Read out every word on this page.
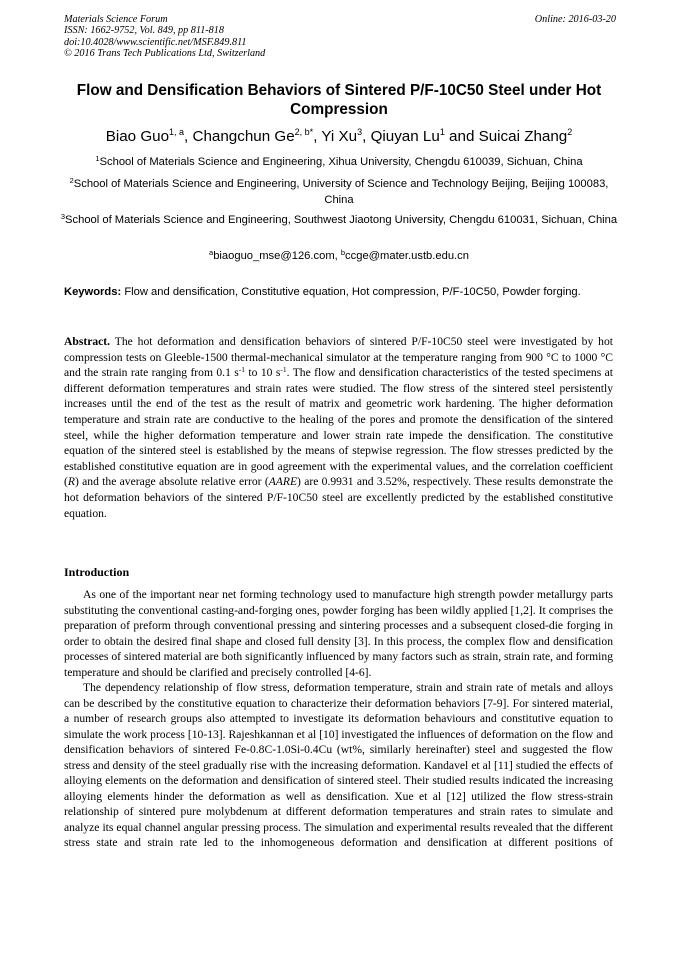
Materials Science Forum
ISSN: 1662-9752, Vol. 849, pp 811-818
doi:10.4028/www.scientific.net/MSF.849.811
© 2016 Trans Tech Publications Ltd, Switzerland
Online: 2016-03-20
Flow and Densification Behaviors of Sintered P/F-10C50 Steel under Hot Compression
Biao Guo$^{1, a}$, Changchun $Ge^{2, b*}$, Yi Xu$^3$, Qiuyan Lu$^1$ and Suicai Zhang$^2$
$^1$School of Materials Science and Engineering, Xihua University, Chengdu 610039, Sichuan, China
$^2$School of Materials Science and Engineering, University of Science and Technology Beijing, Beijing 100083, China
$^3$School of Materials Science and Engineering, Southwest Jiaotong University, Chengdu 610031, Sichuan, China
$^a$biaoguo_mse@126.com, $^b$ccge@mater.ustb.edu.cn
Keywords: Flow and densification, Constitutive equation, Hot compression, P/F-10C50, Powder forging.
Abstract. The hot deformation and densification behaviors of sintered P/F-10C50 steel were investigated by hot compression tests on Gleeble-1500 thermal-mechanical simulator at the temperature ranging from 900 °C to 1000 °C and the strain rate ranging from 0.1 $s^{-1}$ to 10 $s^{-1}$. The flow and densification characteristics of the tested specimens at different deformation temperatures and strain rates were studied. The flow stress of the sintered steel persistently increases until the end of the test as the result of matrix and geometric work hardening. The higher deformation temperature and strain rate are conductive to the healing of the pores and promote the densification of the sintered steel, while the higher deformation temperature and lower strain rate impede the densification. The constitutive equation of the sintered steel is established by the means of stepwise regression. The flow stresses predicted by the established constitutive equation are in good agreement with the experimental values, and the correlation coefficient (R) and the average absolute relative error (AARE) are 0.9931 and 3.52%, respectively. These results demonstrate the hot deformation behaviors of the sintered P/F-10C50 steel are excellently predicted by the established constitutive equation.
Introduction

As one of the important near net forming technology used to manufacture high strength powder metallurgy parts substituting the conventional casting-and-forging ones, powder forging has been wildly applied [1,2]. It comprises the preparation of preform through conventional pressing and sintering processes and a subsequent closed-die forging in order to obtain the desired final shape and closed full density [3]. In this process, the complex flow and densification processes of sintered material are both significantly influenced by many factors such as strain, strain rate, and forming temperature and should be clarified and precisely controlled [4-6].

The dependency relationship of flow stress, deformation temperature, strain and strain rate of metals and alloys can be described by the constitutive equation to characterize their deformation behaviors [7-9]. For sintered material, a number of research groups also attempted to investigate its deformation behaviours and constitutive equation to simulate the work process [10-13]. Rajeshkannan et al [10] investigated the influences of deformation on the flow and densification behaviors of sintered Fe-0.8C-1.0Si-0.4Cu (wt%, similarly hereinafter) steel and suggested the flow stress and density of the steel gradually rise with the increasing deformation. Kandavel et al [11] studied the effects of alloying elements on the deformation and densification of sintered steel. Their studied results indicated the increasing alloying elements hinder the deformation as well as densification. Xue et al [12] utilized the flow stress-strain relationship of sintered pure molybdenum at different deformation temperatures and strain rates to simulate and analyze its equal channel angular pressing process. The simulation and experimental results revealed that the different stress state and strain rate led to the inhomogeneous deformation and densification at different positions of
